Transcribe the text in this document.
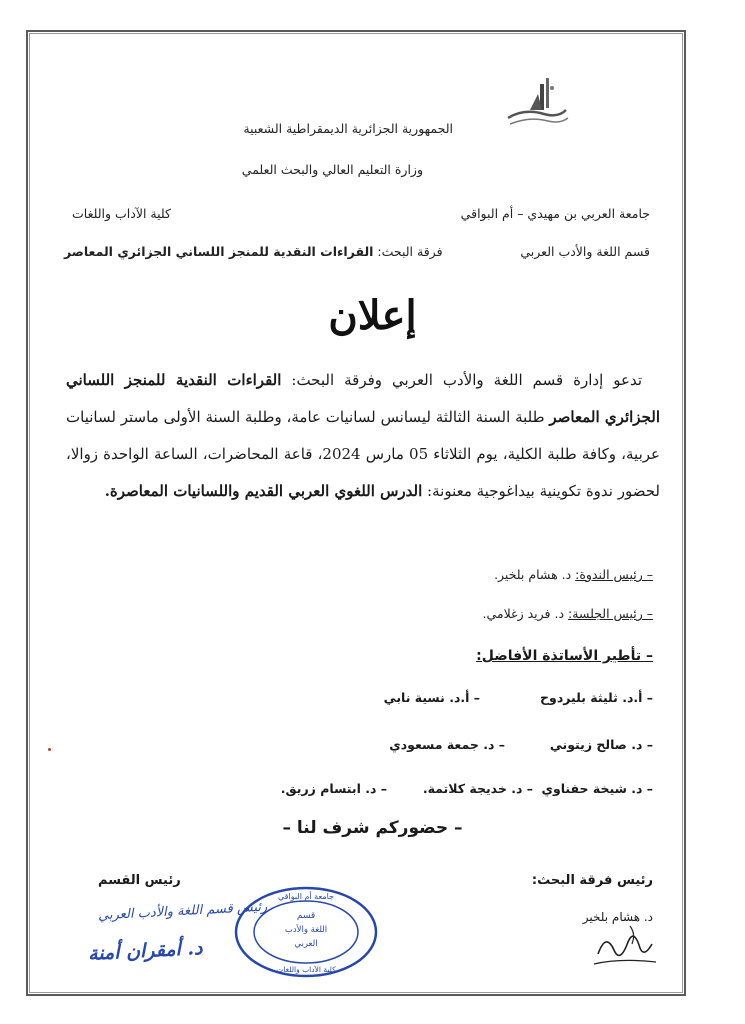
الجمهورية الجزائرية الديمقراطية الشعبية
وزارة التعليم العالي والبحث العلمي
جامعة العربي بن مهيدي – أم البواقي
كلية الآداب واللغات
قسم اللغة والأدب العربي
فرقة البحث: القراءات النقدية للمنجز اللساني الجزائري المعاصر
إعلان
تدعو إدارة قسم اللغة والأدب العربي وفرقة البحث: القراءات النقدية للمنجز اللساني الجزائري المعاصر طلبة السنة الثالثة ليسانس لسانيات عامة، وطلبة السنة الأولى ماستر لسانيات عربية، وكافة طلبة الكلية، يوم الثلاثاء 05 مارس 2024، قاعة المحاضرات، الساعة الواحدة زوالا، لحضور ندوة تكوينية بيداغوجية معنونة: الدرس اللغوي العربي القديم واللسانيات المعاصرة.
– رئيس الندوة: د. هشام بلخير.
– رئيس الجلسة: د. فريد زغلامي.
– تأطير الأساتذة الأفاضل:
– أ.د. ثليثة بليردوح
– أ.د. نسية نابي
– د. صالح زيتوني
– د. جمعة مسعودي
– د. شيخة حفناوي
– د. خديجة كلاتمة.
– د. ابتسام زريق.
– حضوركم شرف لنا –
رئيس فرقة البحث:
د. هشام بلخير
رئيس القسم
رئيس قسم اللغة والأدب العربي
د. أمقران أمنة
جامعة أم البواقي
قسم
اللغة والأدب
العربي
كلية الآداب واللغات
